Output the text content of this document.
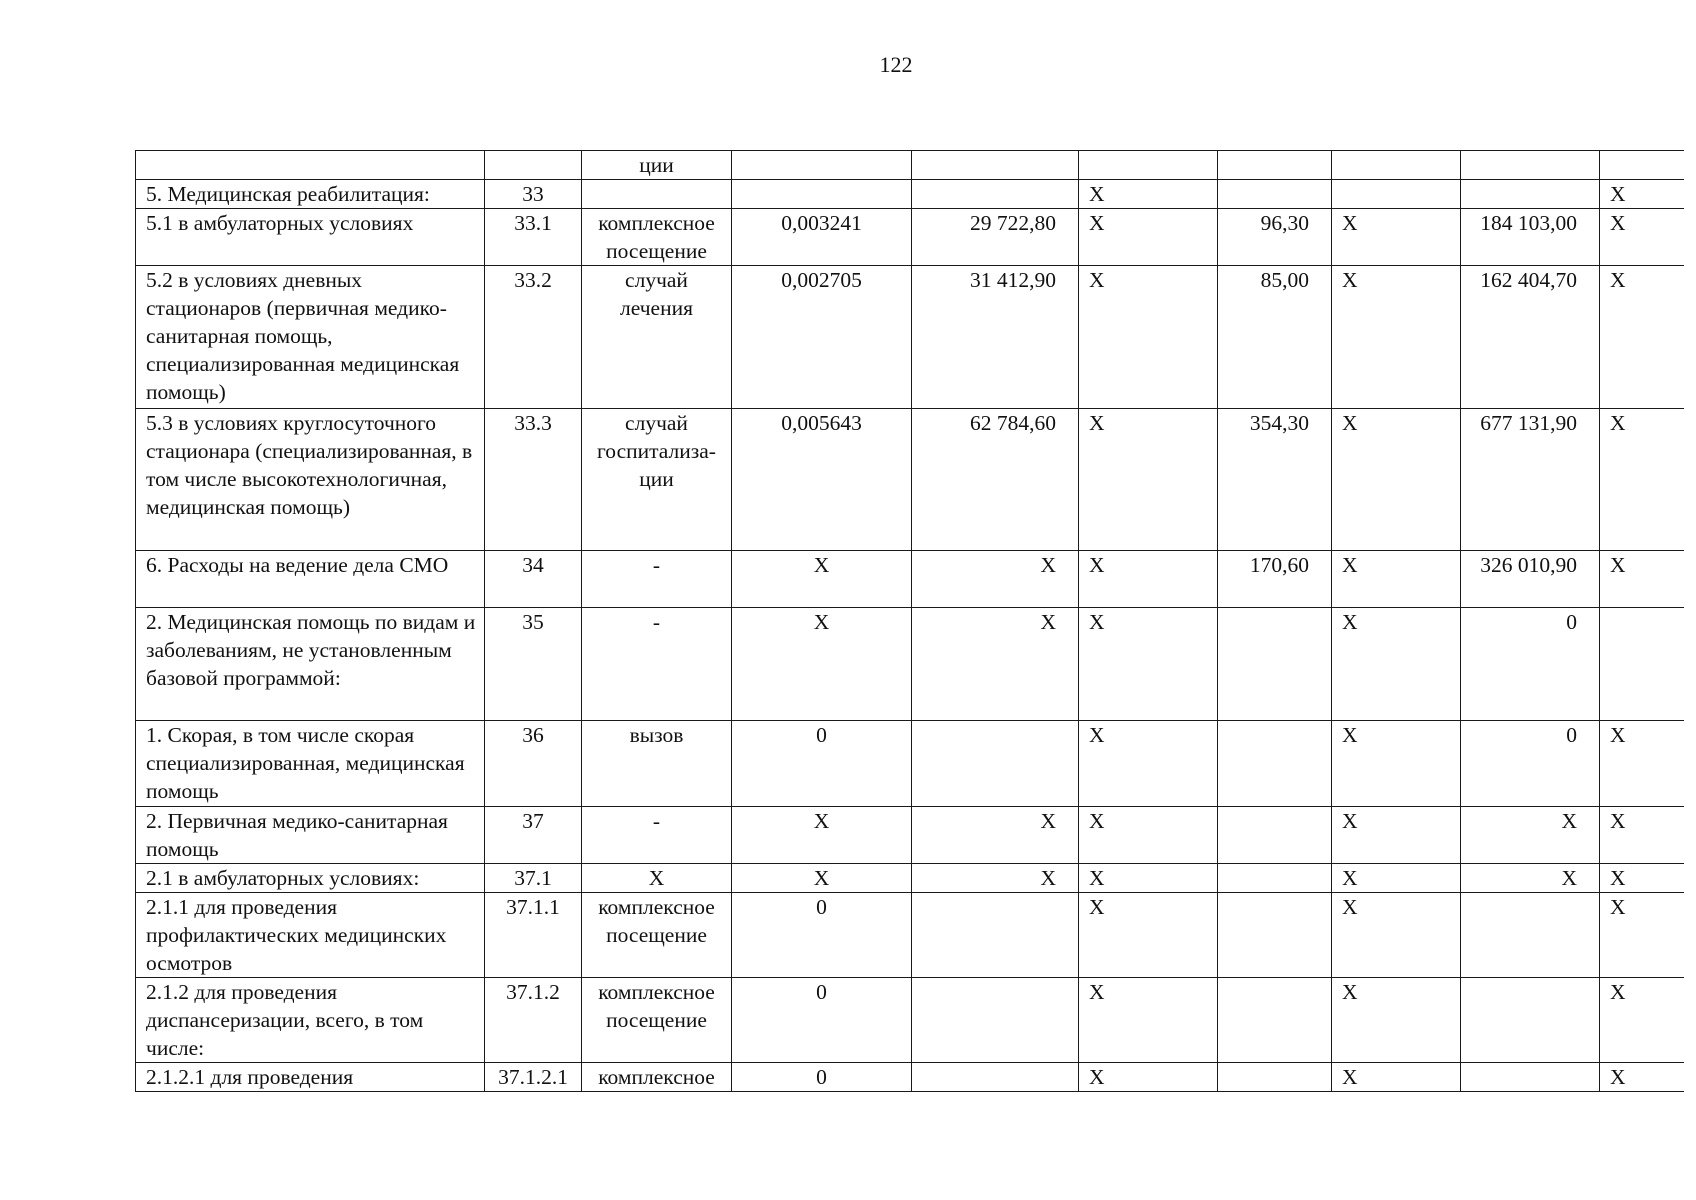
122
		ции							
5. Медицинская реабилитация:	33				X				X
5.1 в амбулаторных условиях	33.1	комплексное посещение	0,003241	29 722,80	X	96,30	X	184 103,00	X
5.2 в условиях дневных стационаров (первичная медико-санитарная помощь, специализированная медицинская помощь)	33.2	случай лечения	0,002705	31 412,90	X	85,00	X	162 404,70	X
5.3 в условиях круглосуточного стационара (специализированная, в том числе высокотехнологичная, медицинская помощь)	33.3	случай госпитализа-ции	0,005643	62 784,60	X	354,30	X	677 131,90	X
6. Расходы на ведение дела СМО	34	-	X	X	X	170,60	X	326 010,90	X
2. Медицинская помощь по видам и заболеваниям, не установленным базовой программой:	35	-	X	X	X		X	0	
1. Скорая, в том числе скорая специализированная, медицинская помощь	36	вызов	0		X		X	0	X
2. Первичная медико-санитарная помощь	37	-	X	X	X		X	X	X
2.1 в амбулаторных условиях:	37.1	X	X	X	X		X	X	X
2.1.1 для проведения профилактических медицинских осмотров	37.1.1	комплексное посещение	0		X		X		X
2.1.2 для проведения диспансеризации, всего, в том числе:	37.1.2	комплексное посещение	0		X		X		X
2.1.2.1 для проведения	37.1.2.1	комплексное	0		X		X		X
